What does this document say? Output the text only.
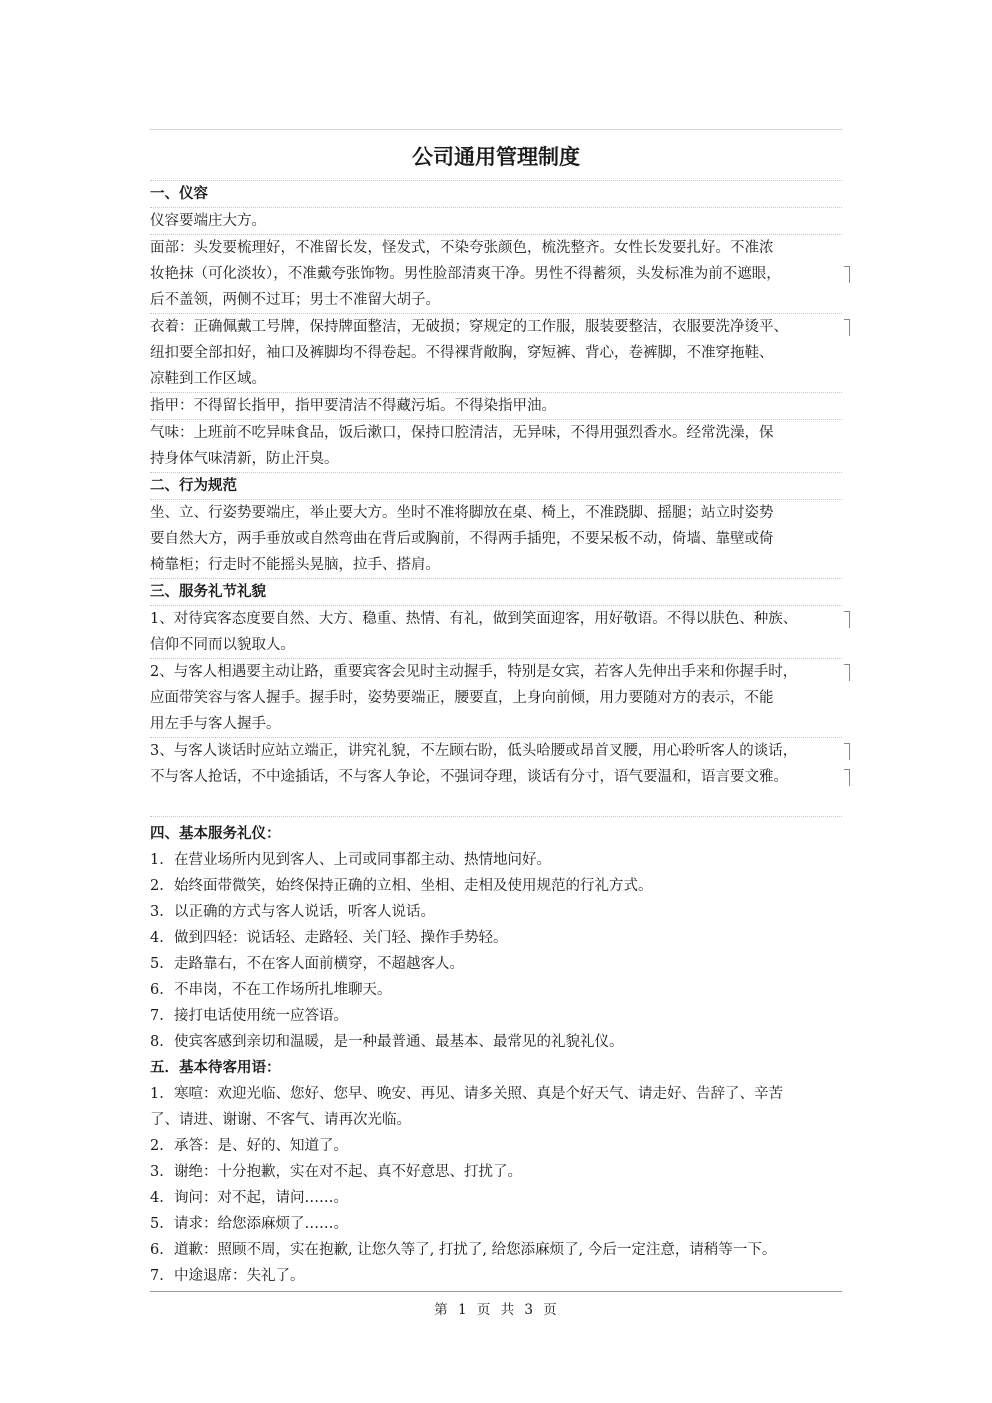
公司通用管理制度
一、仪容
仪容要端庄大方。
面部：头发要梳理好，不准留长发，怪发式，不染夸张颜色，梳洗整齐。女性长发要扎好。不准浓
妆艳抹（可化淡妆），不准戴夸张饰物。男性脸部清爽干净。男性不得蓄须，头发标准为前不遮眼，
后不盖领，两侧不过耳；男士不准留大胡子。
衣着：正确佩戴工号牌，保持牌面整洁，无破损；穿规定的工作服，服装要整洁，衣服要洗净烫平、
纽扣要全部扣好，袖口及裤脚均不得卷起。不得裸背敞胸，穿短裤、背心，卷裤脚，不准穿拖鞋、
凉鞋到工作区域。
指甲：不得留长指甲，指甲要清洁不得藏污垢。不得染指甲油。
气味：上班前不吃异味食品，饭后漱口，保持口腔清洁，无异味，不得用强烈香水。经常洗澡，保
持身体气味清新，防止汗臭。
二、行为规范
坐、立、行姿势要端庄，举止要大方。坐时不准将脚放在桌、椅上，不准跷脚、摇腿；站立时姿势
要自然大方，两手垂放或自然弯曲在背后或胸前，不得两手插兜，不要呆板不动，倚墙、靠壁或倚
椅靠柜；行走时不能摇头晃脑，拉手、搭肩。
三、服务礼节礼貌
1、对待宾客态度要自然、大方、稳重、热情、有礼，做到笑面迎客，用好敬语。不得以肤色、种族、
信仰不同而以貌取人。
2、与客人相遇要主动让路，重要宾客会见时主动握手，特别是女宾，若客人先伸出手来和你握手时，
应面带笑容与客人握手。握手时，姿势要端正，腰要直，上身向前倾，用力要随对方的表示，不能
用左手与客人握手。
3、与客人谈话时应站立端正，讲究礼貌，不左顾右盼，低头哈腰或昂首叉腰，用心聆听客人的谈话，
不与客人抢话，不中途插话，不与客人争论，不强词夺理，谈话有分寸，语气要温和，语言要文雅。
四、基本服务礼仪：
1. 在营业场所内见到客人、上司或同事都主动、热情地问好。
2. 始终面带微笑，始终保持正确的立相、坐相、走相及使用规范的行礼方式。
3. 以正确的方式与客人说话，听客人说话。
4. 做到四轻：说话轻、走路轻、关门轻、操作手势轻。
5. 走路靠右，不在客人面前横穿，不超越客人。
6. 不串岗，不在工作场所扎堆聊天。
7. 接打电话使用统一应答语。
8. 使宾客感到亲切和温暖，是一种最普通、最基本、最常见的礼貌礼仪。
五．基本待客用语：
1. 寒喧：欢迎光临、您好、您早、晚安、再见、请多关照、真是个好天气、请走好、告辞了、辛苦
了、请进、谢谢、不客气、请再次光临。
2. 承答：是、好的、知道了。
3. 谢绝：十分抱歉，实在对不起、真不好意思、打扰了。
4. 询问：对不起，请问……。
5. 请求：给您添麻烦了……。
6. 道歉：照顾不周，实在抱歉, 让您久等了, 打扰了, 给您添麻烦了, 今后一定注意，请稍等一下。
7. 中途退席：失礼了。
第 1 页 共 3 页
